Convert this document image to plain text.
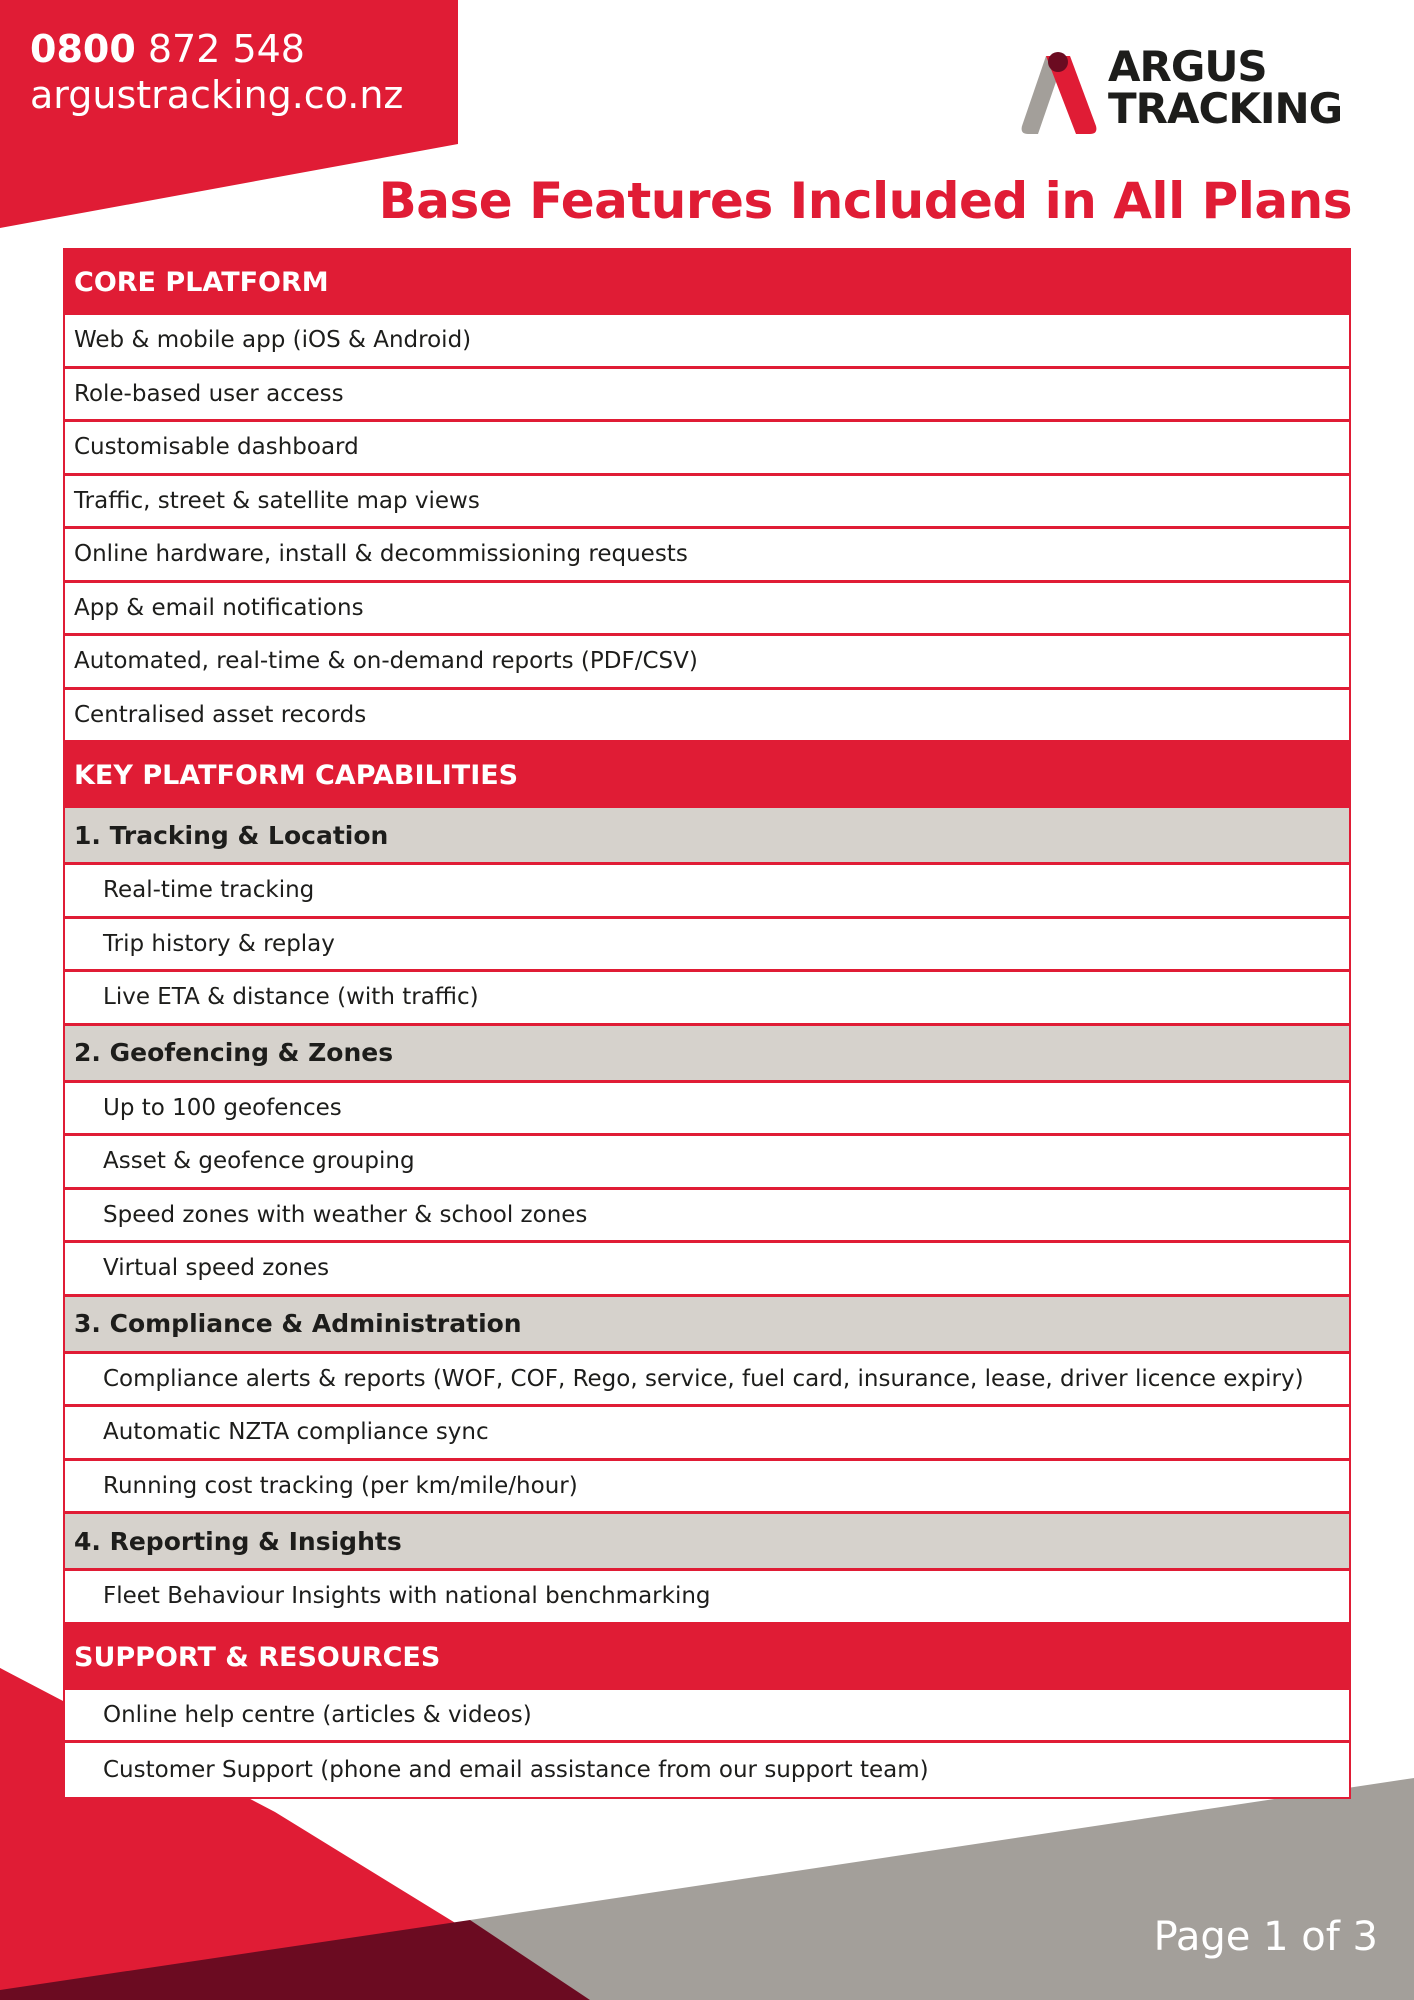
0800 872 548
argustracking.co.nz
ARGUS
TRACKING
Base Features Included in All Plans
CORE PLATFORM
Web & mobile app (iOS & Android)
Role-based user access
Customisable dashboard
Traffic, street & satellite map views
Online hardware, install & decommissioning requests
App & email notifications
Automated, real-time & on-demand reports (PDF/CSV)
Centralised asset records
KEY PLATFORM CAPABILITIES
1. Tracking & Location
Real-time tracking
Trip history & replay
Live ETA & distance (with traffic)
2. Geofencing & Zones
Up to 100 geofences
Asset & geofence grouping
Speed zones with weather & school zones
Virtual speed zones
3. Compliance & Administration
Compliance alerts & reports (WOF, COF, Rego, service, fuel card, insurance, lease, driver licence expiry)
Automatic NZTA compliance sync
Running cost tracking (per km/mile/hour)
4. Reporting & Insights
Fleet Behaviour Insights with national benchmarking
SUPPORT & RESOURCES
Online help centre (articles & videos)
Customer Support (phone and email assistance from our support team)
Page 1 of 3
